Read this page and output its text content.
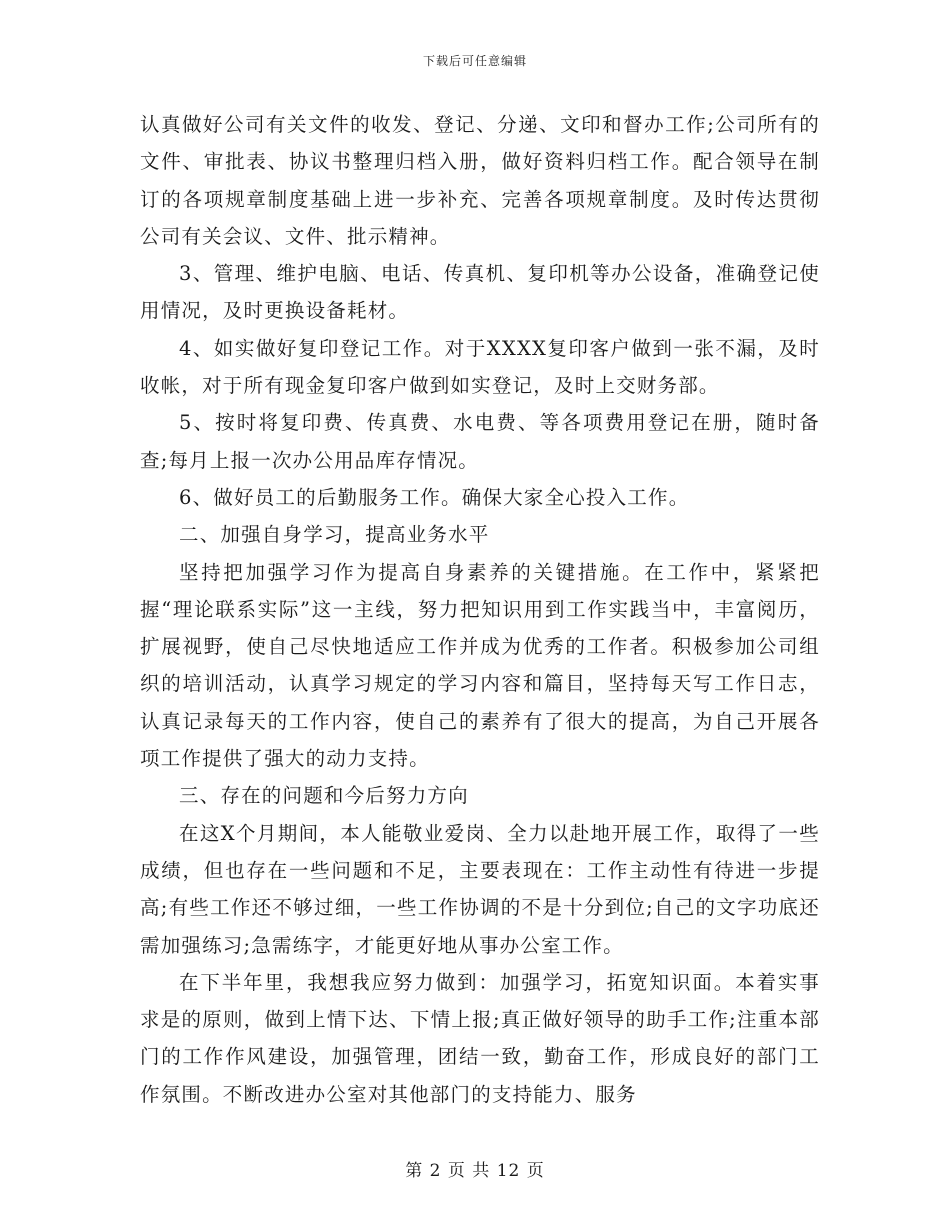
下载后可任意编辑

认真做好公司有关文件的收发、登记、分递、文印和督办工作;公司所有的文件、审批表、协议书整理归档入册，做好资料归档工作。配合领导在制订的各项规章制度基础上进一步补充、完善各项规章制度。及时传达贯彻公司有关会议、文件、批示精神。

3、管理、维护电脑、电话、传真机、复印机等办公设备，准确登记使用情况，及时更换设备耗材。

4、如实做好复印登记工作。对于XXXX复印客户做到一张不漏，及时收帐，对于所有现金复印客户做到如实登记，及时上交财务部。

5、按时将复印费、传真费、水电费、等各项费用登记在册，随时备查;每月上报一次办公用品库存情况。

6、做好员工的后勤服务工作。确保大家全心投入工作。

二、加强自身学习，提高业务水平

坚持把加强学习作为提高自身素养的关键措施。在工作中，紧紧把握“理论联系实际”这一主线，努力把知识用到工作实践当中，丰富阅历，扩展视野，使自己尽快地适应工作并成为优秀的工作者。积极参加公司组织的培训活动，认真学习规定的学习内容和篇目，坚持每天写工作日志，认真记录每天的工作内容，使自己的素养有了很大的提高，为自己开展各项工作提供了强大的动力支持。

三、存在的问题和今后努力方向

在这X个月期间，本人能敬业爱岗、全力以赴地开展工作，取得了一些成绩，但也存在一些问题和不足，主要表现在：工作主动性有待进一步提高;有些工作还不够过细，一些工作协调的不是十分到位;自己的文字功底还需加强练习;急需练字，才能更好地从事办公室工作。

在下半年里，我想我应努力做到：加强学习，拓宽知识面。本着实事求是的原则，做到上情下达、下情上报;真正做好领导的助手工作;注重本部门的工作作风建设，加强管理，团结一致，勤奋工作，形成良好的部门工作氛围。不断改进办公室对其他部门的支持能力、服务

第 2 页 共 12 页
